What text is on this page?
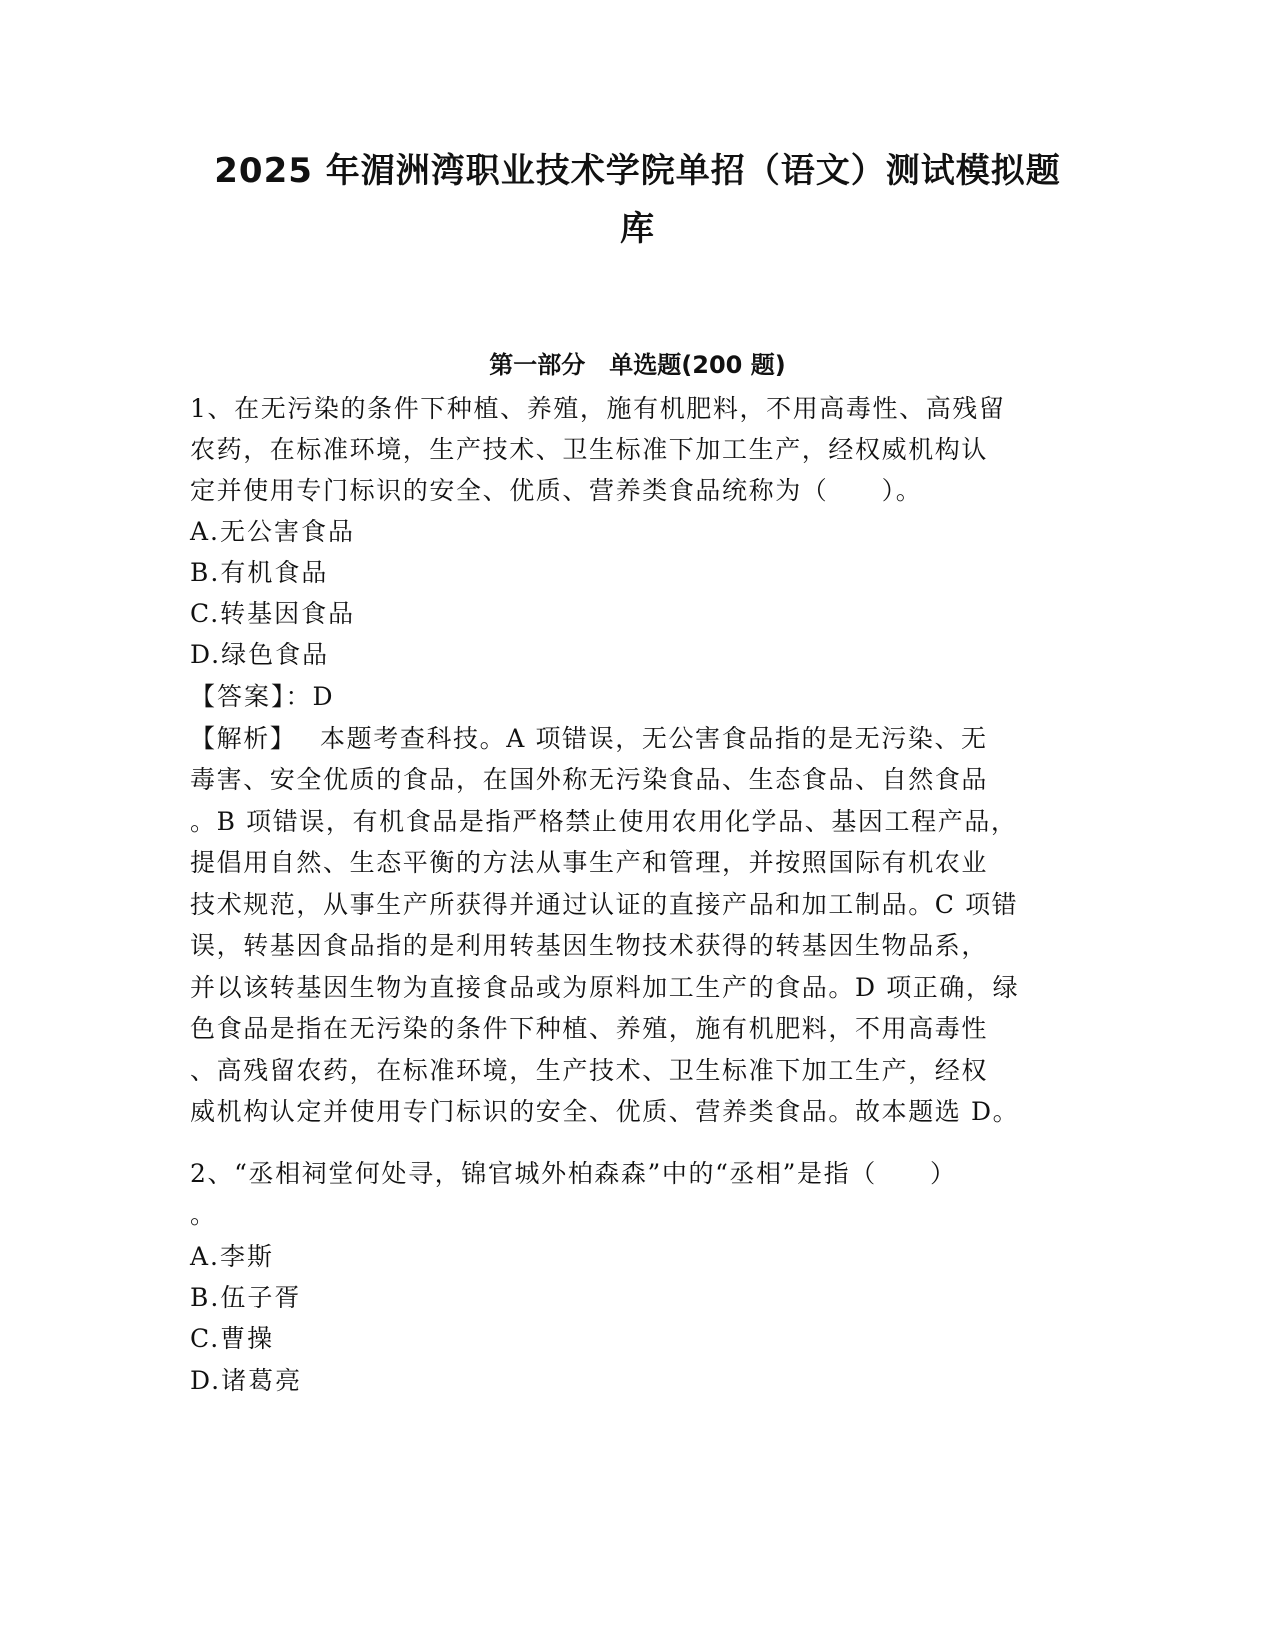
2025 年湄洲湾职业技术学院单招（语文）测试模拟题
库
第一部分　单选题(200 题)
1、在无污染的条件下种植、养殖，施有机肥料，不用高毒性、高残留
农药，在标准环境，生产技术、卫生标准下加工生产，经权威机构认
定并使用专门标识的安全、优质、营养类食品统称为（　　）。
A.无公害食品
B.有机食品
C.转基因食品
D.绿色食品
【答案】：D
【解析】　 本题考查科技。A 项错误，无公害食品指的是无污染、无
毒害、安全优质的食品，在国外称无污染食品、生态食品、自然食品
。B 项错误，有机食品是指严格禁止使用农用化学品、基因工程产品，
提倡用自然、生态平衡的方法从事生产和管理，并按照国际有机农业
技术规范，从事生产所获得并通过认证的直接产品和加工制品。C 项错
误，转基因食品指的是利用转基因生物技术获得的转基因生物品系，
并以该转基因生物为直接食品或为原料加工生产的食品。D 项正确，绿
色食品是指在无污染的条件下种植、养殖，施有机肥料，不用高毒性
、高残留农药，在标准环境，生产技术、卫生标准下加工生产，经权
威机构认定并使用专门标识的安全、优质、营养类食品。故本题选 D。
2、“丞相祠堂何处寻，锦官城外柏森森”中的“丞相”是指（　　）
。
A.李斯
B.伍子胥
C.曹操
D.诸葛亮
